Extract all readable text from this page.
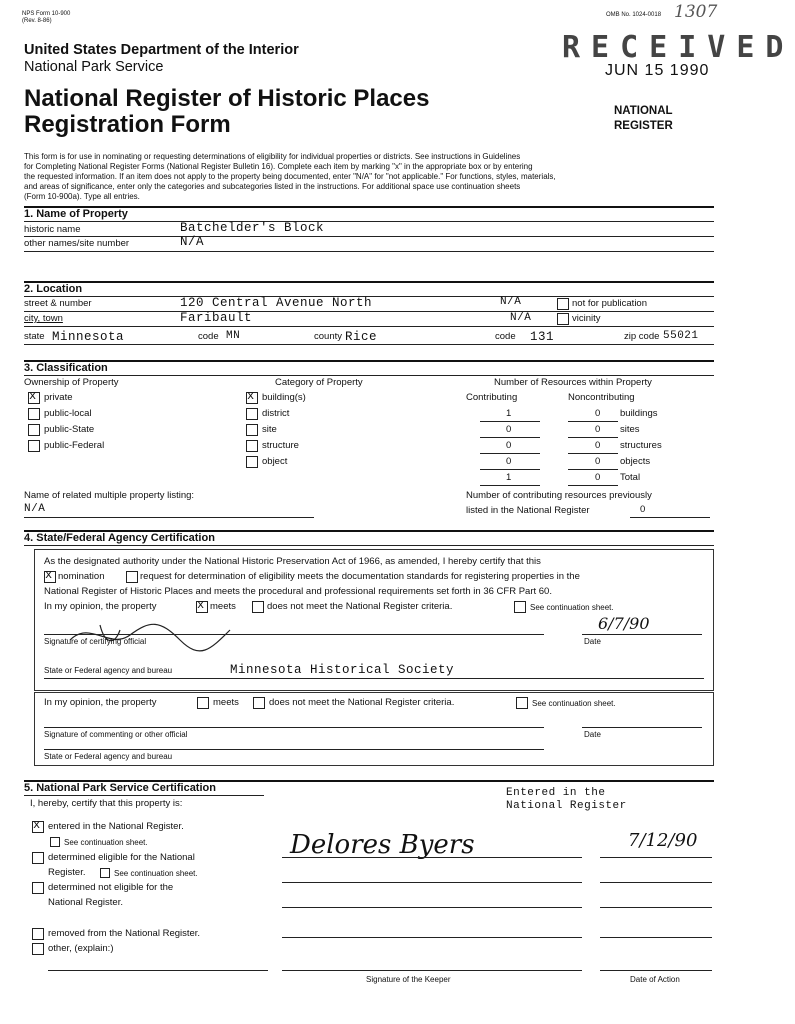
NPS Form 10-900
(Rev. 8-86)
OMB No. 1024-0018 1307
United States Department of the Interior
National Park Service
National Register of Historic Places
Registration Form
RECEIVED
JUN 15 1990
NATIONAL
REGISTER
This form is for use in nominating or requesting determinations of eligibility for individual properties or districts. See instructions in Guidelines
for Completing National Register Forms (National Register Bulletin 16). Complete each item by marking "x" in the appropriate box or by entering
the requested information. If an item does not apply to the property being documented, enter "N/A" for "not applicable." For functions, styles, materials,
and areas of significance, enter only the categories and subcategories listed in the instructions. For additional space use continuation sheets
(Form 10-900a). Type all entries.
1. Name of Property
historic name	Batchelder's Block
other names/site number	N/A
2. Location
street & number	120 Central Avenue North	N/A	not for publication
city, town	Faribault	N/A	vicinity
state Minnesota	code MN	county Rice	code 131	zip code 55021
3. Classification
Ownership of Property	Category of Property	Number of Resources within Property
x private
public-local
public-State
public-Federal
x building(s)
district
site
structure
object
Contributing	Noncontributing
1	0 buildings
0	0 sites
0	0 structures
0	0 objects
1	0 Total
Name of related multiple property listing:
N/A
Number of contributing resources previously
listed in the National Register	0
4. State/Federal Agency Certification
As the designated authority under the National Historic Preservation Act of 1966, as amended, I hereby certify that this
x nomination	request for determination of eligibility meets the documentation standards for registering properties in the
National Register of Historic Places and meets the procedural and professional requirements set forth in 36 CFR Part 60.
In my opinion, the property	x meets	does not meet the National Register criteria.	See continuation sheet.
6/7/90
Signature of certifying official	Date
State or Federal agency and bureau	Minnesota Historical Society
In my opinion, the property	meets	does not meet the National Register criteria.	See continuation sheet.
Signature of commenting or other official	Date
State or Federal agency and bureau
5. National Park Service Certification
I, hereby, certify that this property is:
x entered in the National Register.
See continuation sheet.
determined eligible for the National
Register.	See continuation sheet.
determined not eligible for the
National Register.
removed from the National Register.
other, (explain:)
Entered in the
National Register
Delores Byers	7/12/90
Signature of the Keeper	Date of Action
